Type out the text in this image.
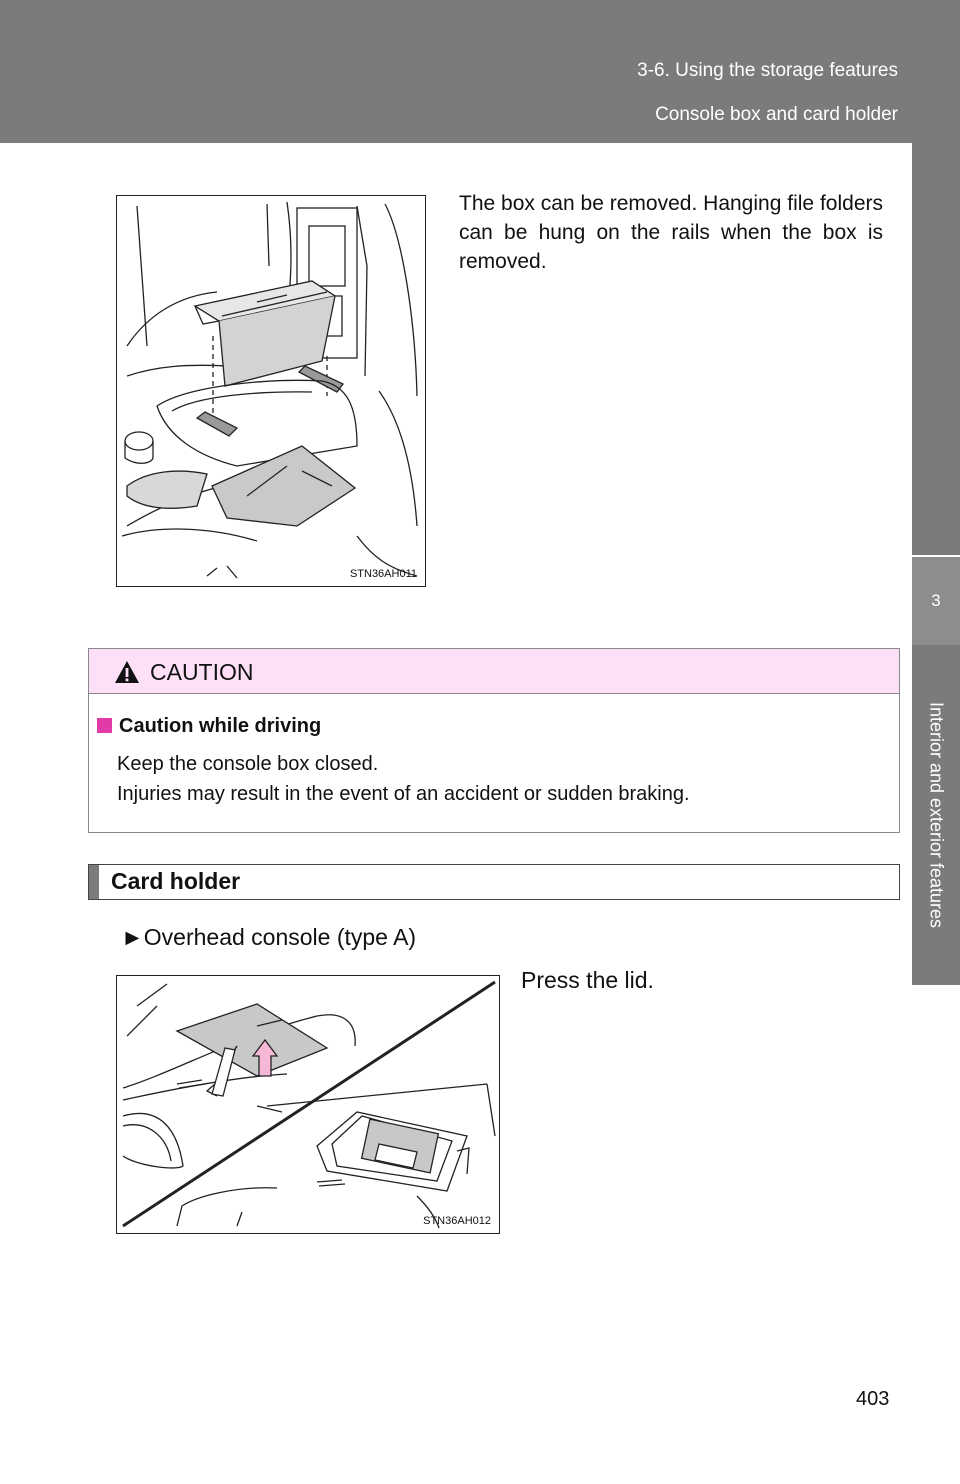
3-6. Using the storage features
Console box and card holder
3
Interior and exterior features
STN36AH011
The box can be removed. Hanging file folders can be hung on the rails when the box is removed.
CAUTION
Caution while driving
Keep the console box closed.
Injuries may result in the event of an accident or sudden braking.
Card holder
►Overhead console (type A)
Press the lid.
STN36AH012
403
